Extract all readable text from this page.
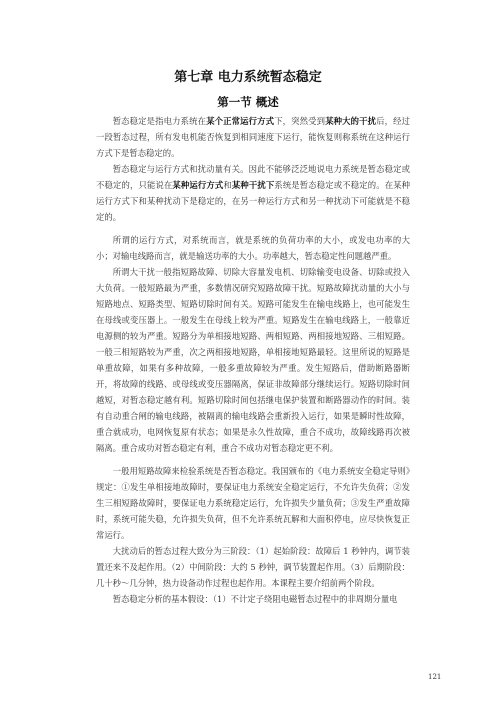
第七章 电力系统暂态稳定
第一节 概述

暂态稳定是指电力系统在某个正常运行方式下，突然受到某种大的干扰后，经过一段暂态过程，所有发电机能否恢复到相同速度下运行，能恢复则称系统在这种运行方式下是暂态稳定的。

暂态稳定与运行方式和扰动量有关。因此不能够泛泛地说电力系统是暂态稳定或不稳定的，只能说在某种运行方式和某种干扰下系统是暂态稳定或不稳定的。在某种运行方式下和某种扰动下是稳定的，在另一种运行方式和另一种扰动下可能就是不稳定的。

所谓的运行方式，对系统而言，就是系统的负荷功率的大小，或发电功率的大小；对输电线路而言，就是输送功率的大小。功率越大，暂态稳定性问题越严重。

所谓大干扰一般指短路故障、切除大容量发电机、切除输变电设备、切除或投入大负荷。一般短路最为严重，多数情况研究短路故障干扰。短路故障扰动量的大小与短路地点、短路类型、短路切除时间有关。短路可能发生在输电线路上，也可能发生在母线或变压器上。一般发生在母线上较为严重。短路发生在输电线路上，一般靠近电源侧的较为严重。短路分为单相接地短路、两相短路、两相接地短路、三相短路。一般三相短路较为严重，次之两相接地短路，单相接地短路最轻。这里所说的短路是单重故障，如果有多种故障，一般多重故障较为严重。发生短路后，借助断路器断开，将故障的线路、或母线或变压器隔离，保证非故障部分继续运行。短路切除时间越短，对暂态稳定越有利。短路切除时间包括继电保护装置和断路器动作的时间。装有自动重合闸的输电线路，被隔离的输电线路会重新投入运行，如果是瞬时性故障，重合就成功，电网恢复原有状态；如果是永久性故障，重合不成功，故障线路再次被隔离。重合成功对暂态稳定有利，重合不成功对暂态稳定更不利。

一般用短路故障来检验系统是否暂态稳定。我国颁布的《电力系统安全稳定导则》规定：①发生单相接地故障时，要保证电力系统安全稳定运行，不允许失负荷；②发生三相短路故障时，要保证电力系统稳定运行，允许损失少量负荷；③发生严重故障时，系统可能失稳，允许损失负荷，但不允许系统瓦解和大面积停电，应尽快恢复正常运行。

大扰动后的暂态过程大致分为三阶段：（1）起始阶段：故障后 1 秒钟内，调节装置还来不及起作用。（2）中间阶段：大约 5 秒钟，调节装置起作用。（3）后期阶段：几十秒～几分钟，热力设备动作过程也起作用。本课程主要介绍前两个阶段。

暂态稳定分析的基本假设：（1）不计定子绕阻电磁暂态过程中的非周期分量电

121
